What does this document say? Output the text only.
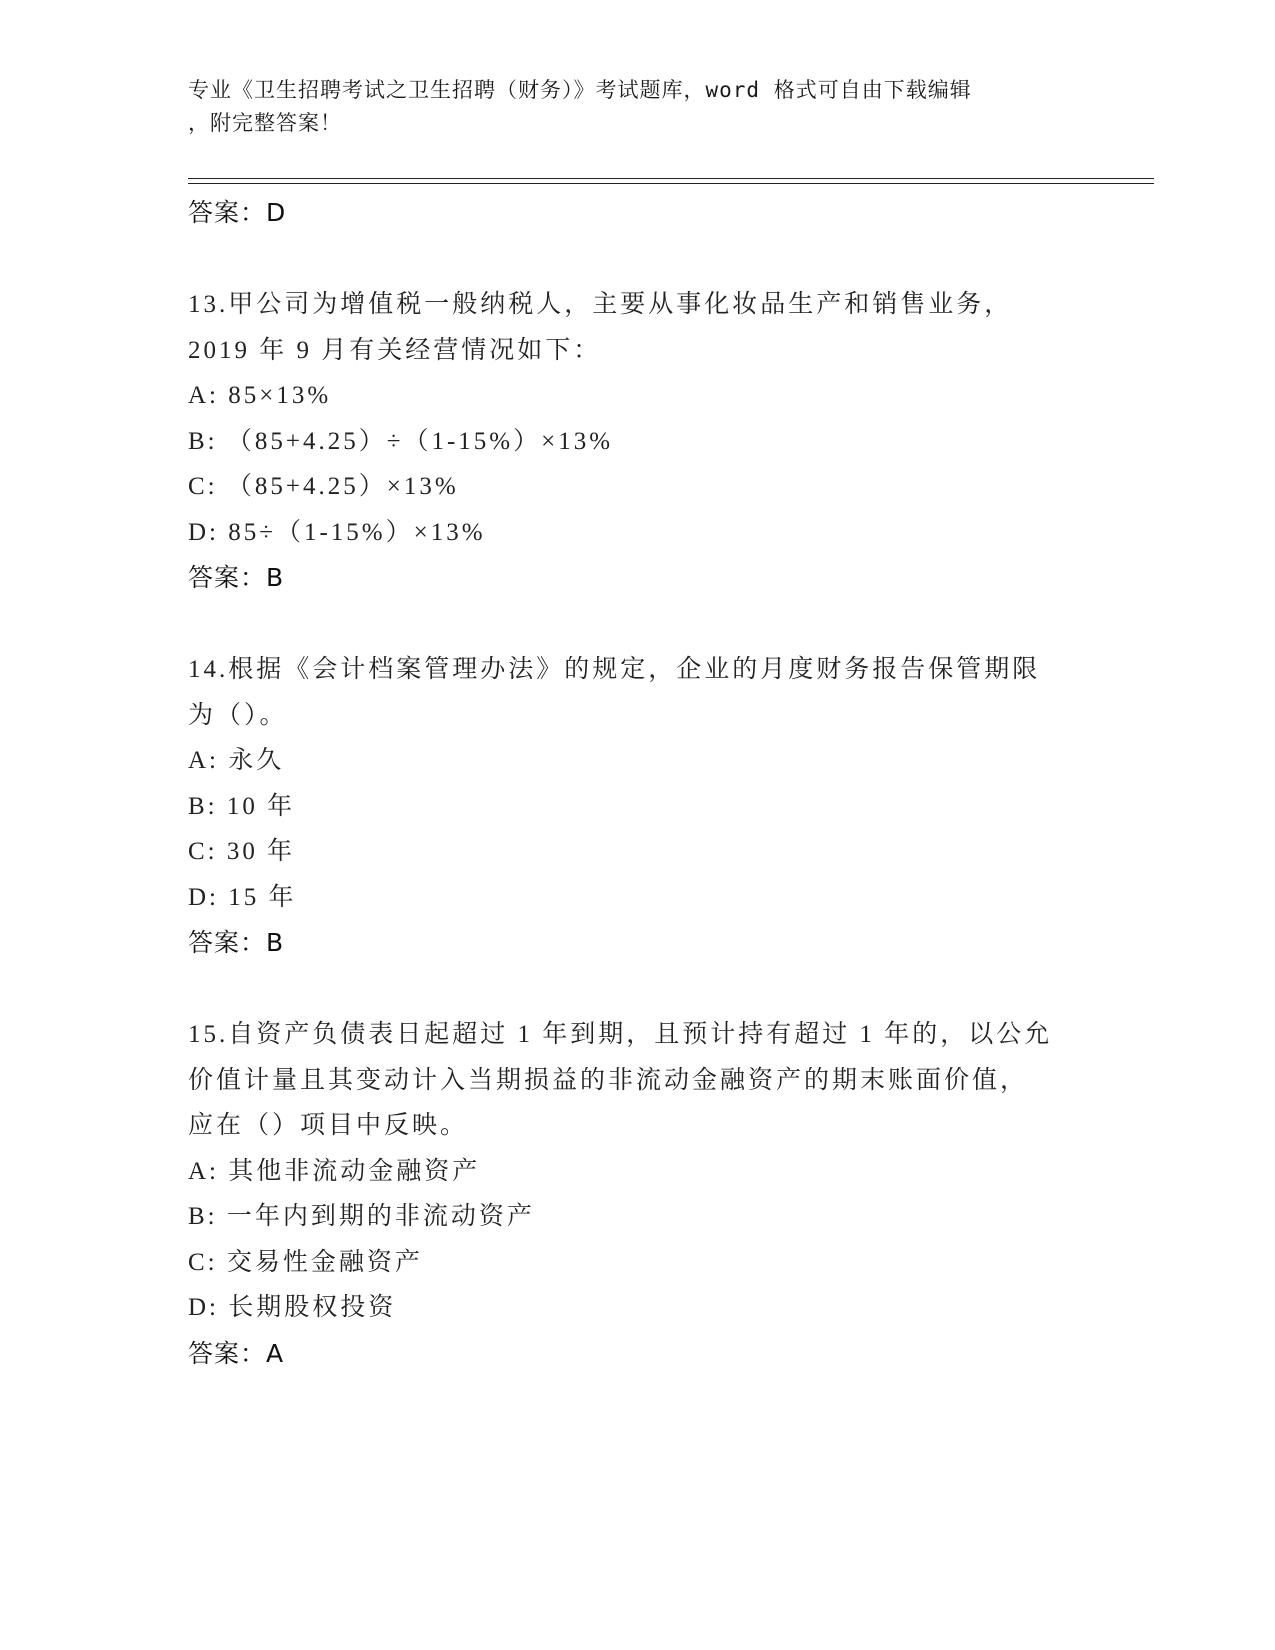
专业《卫生招聘考试之卫生招聘（财务）》考试题库，word 格式可自由下载编辑
，附完整答案！
答案：D
13.甲公司为增值税一般纳税人，主要从事化妆品生产和销售业务，
2019 年 9 月有关经营情况如下：
A: 85×13%
B: （85+4.25）÷（1-15%）×13%
C: （85+4.25）×13%
D: 85÷（1-15%）×13%
答案：B
14.根据《会计档案管理办法》的规定，企业的月度财务报告保管期限
为（）。
A: 永久
B: 10 年
C: 30 年
D: 15 年
答案：B
15.自资产负债表日起超过 1 年到期，且预计持有超过 1 年的，以公允
价值计量且其变动计入当期损益的非流动金融资产的期末账面价值，
应在（）项目中反映。
A: 其他非流动金融资产
B: 一年内到期的非流动资产
C: 交易性金融资产
D: 长期股权投资
答案：A
